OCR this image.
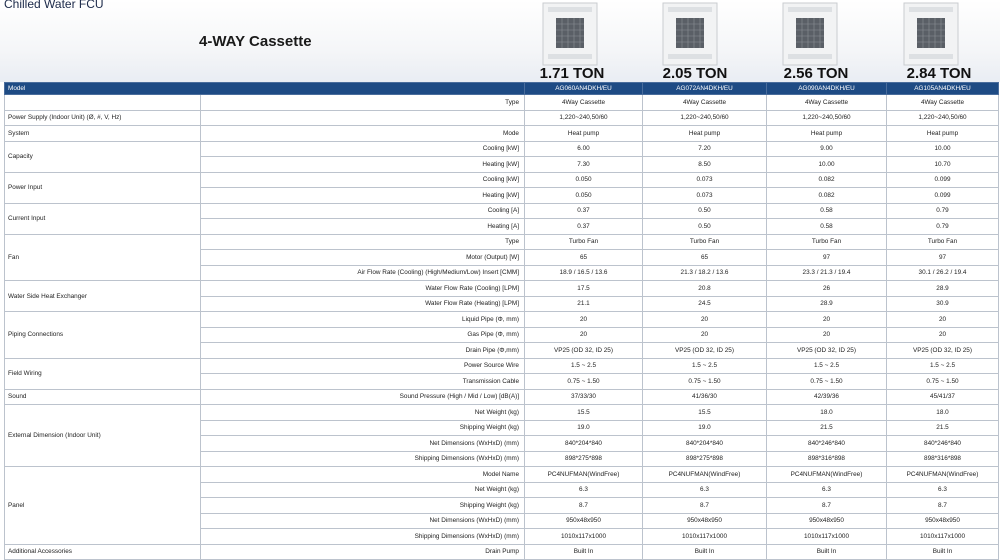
Chilled Water FCU
4-WAY Cassette
1.71 TON	2.05 TON	2.56 TON	2.84 TON
Model		AG060AN4DKH/EU	AG072AN4DKH/EU	AG090AN4DKH/EU	AG105AN4DKH/EU
	Type	4Way Cassette	4Way Cassette	4Way Cassette	4Way Cassette
Power Supply (Indoor Unit) (Ø, #, V, Hz)		1,220~240,50/60	1,220~240,50/60	1,220~240,50/60	1,220~240,50/60
System	Mode	Heat pump	Heat pump	Heat pump	Heat pump
Capacity	Cooling [kW]	6.00	7.20	9.00	10.00
	Heating [kW]	7.30	8.50	10.00	10.70
Power Input	Cooling [kW]	0.050	0.073	0.082	0.099
	Heating [kW]	0.050	0.073	0.082	0.099
Current Input	Cooling [A]	0.37	0.50	0.58	0.79
	Heating [A]	0.37	0.50	0.58	0.79
Fan	Type	Turbo Fan	Turbo Fan	Turbo Fan	Turbo Fan
	Motor (Output) [W]	65	65	97	97
	Air Flow Rate (Cooling) (High/Medium/Low) Insert [CMM]	18.9 / 16.5 / 13.6	21.3 / 18.2 / 13.6	23.3 / 21.3 / 19.4	30.1 / 26.2 / 19.4
Water Side Heat Exchanger	Water Flow Rate (Cooling) [LPM]	17.5	20.8	26	28.9
	Water Flow Rate (Heating) [LPM]	21.1	24.5	28.9	30.9
Piping Connections	Liquid Pipe (Φ, mm)	20	20	20	20
	Gas Pipe (Φ, mm)	20	20	20	20
	Drain Pipe (Φ,mm)	VP25 (OD 32, ID 25)	VP25 (OD 32, ID 25)	VP25 (OD 32, ID 25)	VP25 (OD 32, ID 25)
Field Wiring	Power Source Wire	1.5 ~ 2.5	1.5 ~ 2.5	1.5 ~ 2.5	1.5 ~ 2.5
	Transmission Cable	0.75 ~ 1.50	0.75 ~ 1.50	0.75 ~ 1.50	0.75 ~ 1.50
Sound	Sound Pressure (High / Mid / Low) [dB(A)]	37/33/30	41/36/30	42/39/36	45/41/37
External Dimension (Indoor Unit)	Net Weight (kg)	15.5	15.5	18.0	18.0
	Shipping Weight (kg)	19.0	19.0	21.5	21.5
	Net Dimensions (WxHxD) (mm)	840*204*840	840*204*840	840*246*840	840*246*840
	Shipping Dimensions (WxHxD) (mm)	898*275*898	898*275*898	898*316*898	898*316*898
Panel	Model Name	PC4NUFMAN(WindFree)	PC4NUFMAN(WindFree)	PC4NUFMAN(WindFree)	PC4NUFMAN(WindFree)
	Net Weight (kg)	6.3	6.3	6.3	6.3
	Shipping Weight (kg)	8.7	8.7	8.7	8.7
	Net Dimensions (WxHxD) (mm)	950x48x950	950x48x950	950x48x950	950x48x950
	Shipping Dimensions (WxHxD) (mm)	1010x117x1000	1010x117x1000	1010x117x1000	1010x117x1000
Additional Accessories	Drain Pump	Built In	Built In	Built In	Built In
